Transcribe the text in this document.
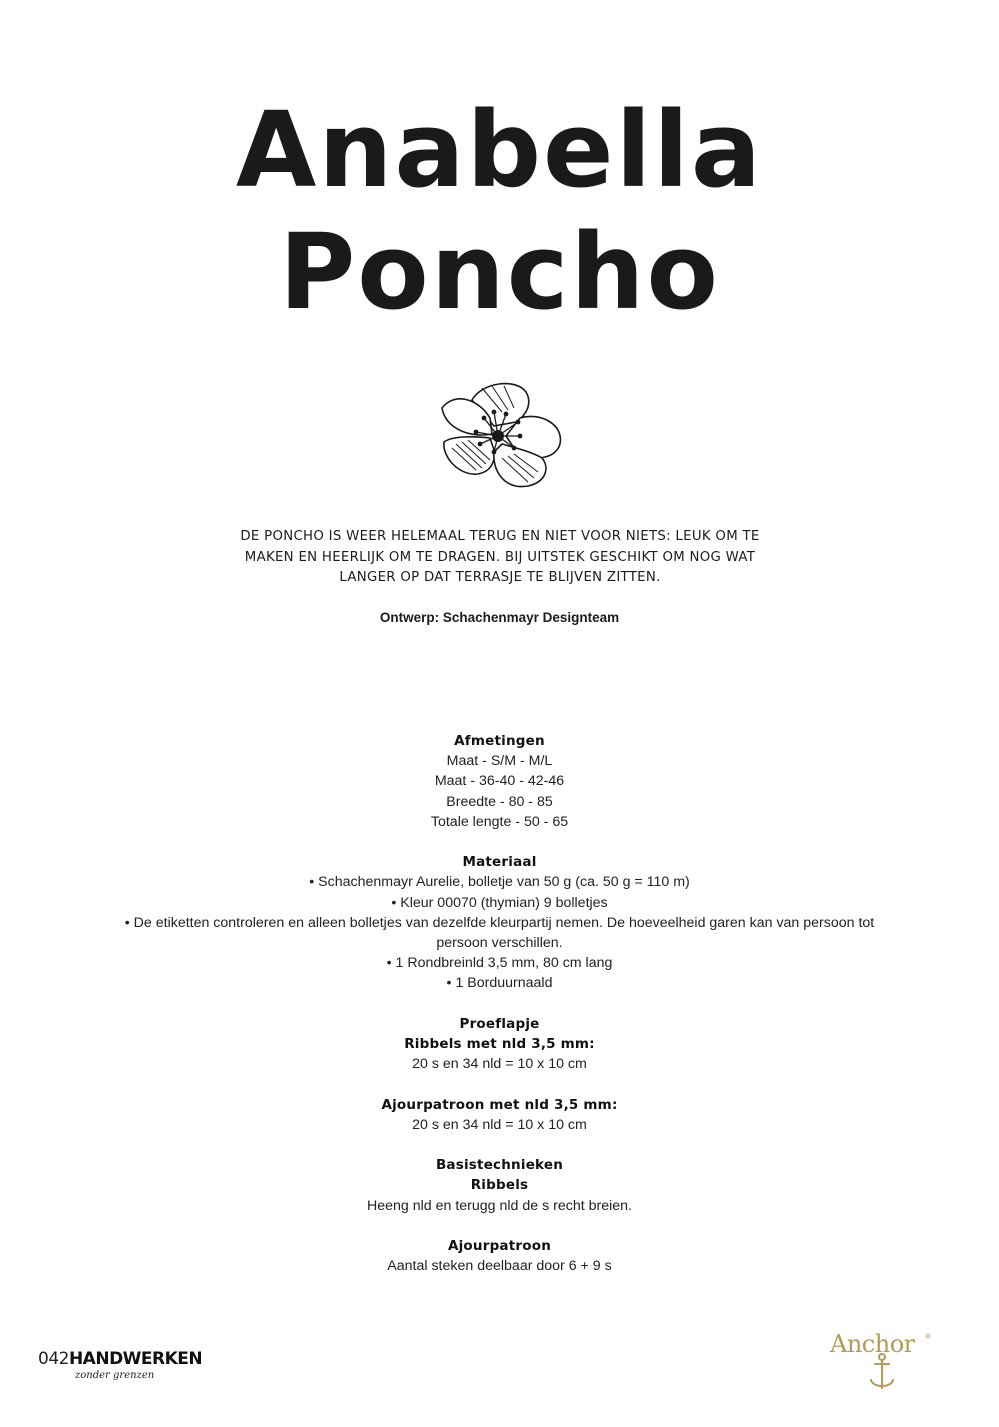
Anabella
Poncho
DE PONCHO IS WEER HELEMAAL TERUG EN NIET VOOR NIETS: LEUK OM TE MAKEN EN HEERLIJK OM TE DRAGEN. BIJ UITSTEK GESCHIKT OM NOG WAT LANGER OP DAT TERRASJE TE BLIJVEN ZITTEN.
Ontwerp: Schachenmayr Designteam
Afmetingen
Maat - S/M - M/L
Maat - 36-40 - 42-46
Breedte - 80 - 85
Totale lengte - 50 - 65
Materiaal
• Schachenmayr Aurelie, bolletje van 50 g (ca. 50 g = 110 m)
• Kleur 00070 (thymian) 9 bolletjes
• De etiketten controleren en alleen bolletjes van dezelfde kleurpartij nemen. De hoeveelheid garen kan van persoon tot persoon verschillen.
• 1 Rondbreinld 3,5 mm, 80 cm lang
• 1 Borduurnaald
Proeflapje
Ribbels met nld 3,5 mm:
20 s en 34 nld = 10 x 10 cm
Ajourpatroon met nld 3,5 mm:
20 s en 34 nld = 10 x 10 cm
Basistechnieken
Ribbels
Heeng nld en terugg nld de s recht breien.
Ajourpatroon
Aantal steken deelbaar door 6 + 9 s
042HANDWERKEN
zonder grenzen
Anchor
